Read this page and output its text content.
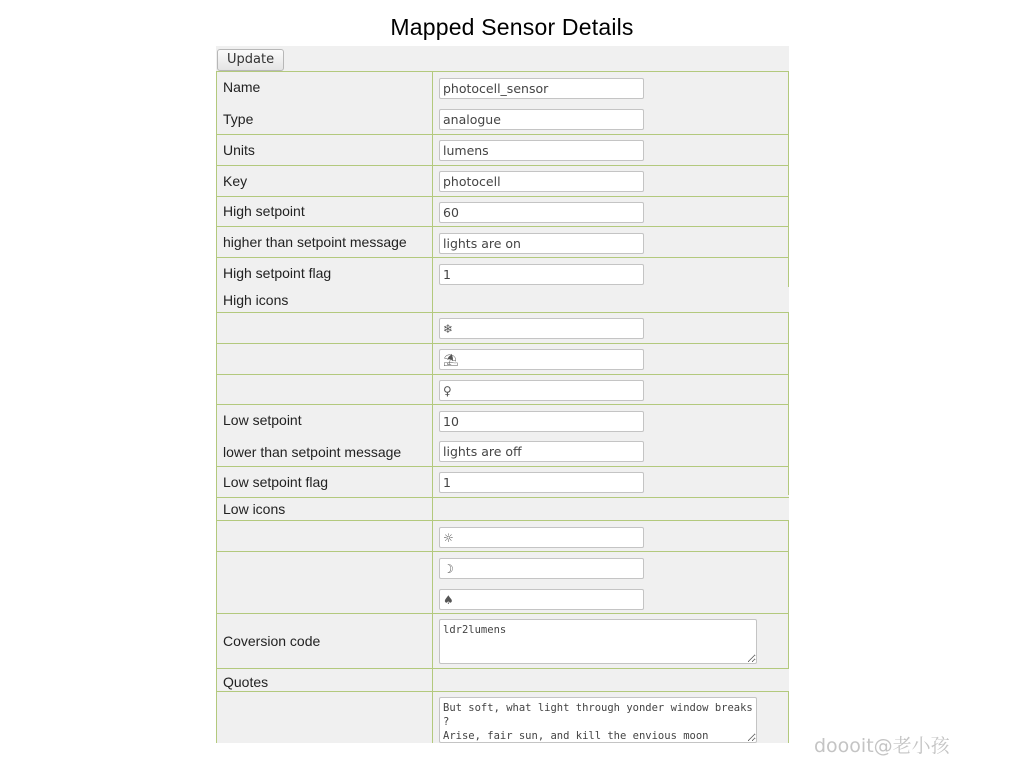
Mapped Sensor Details
Update
Name
Type
Units
Key
High setpoint
higher than setpoint message
High setpoint flag
High icons
Low setpoint
lower than setpoint message
Low setpoint flag
Low icons
Coversion code
Quotes
photocell_sensor
analogue
lumens
photocell
60
lights are on
1
❄
⛱
♀
10
lights are off
1
☼
☽
♠
ldr2lumens
But soft, what light through yonder window breaks ? Arise, fair sun, and kill the envious moon
doooit@老小孩
